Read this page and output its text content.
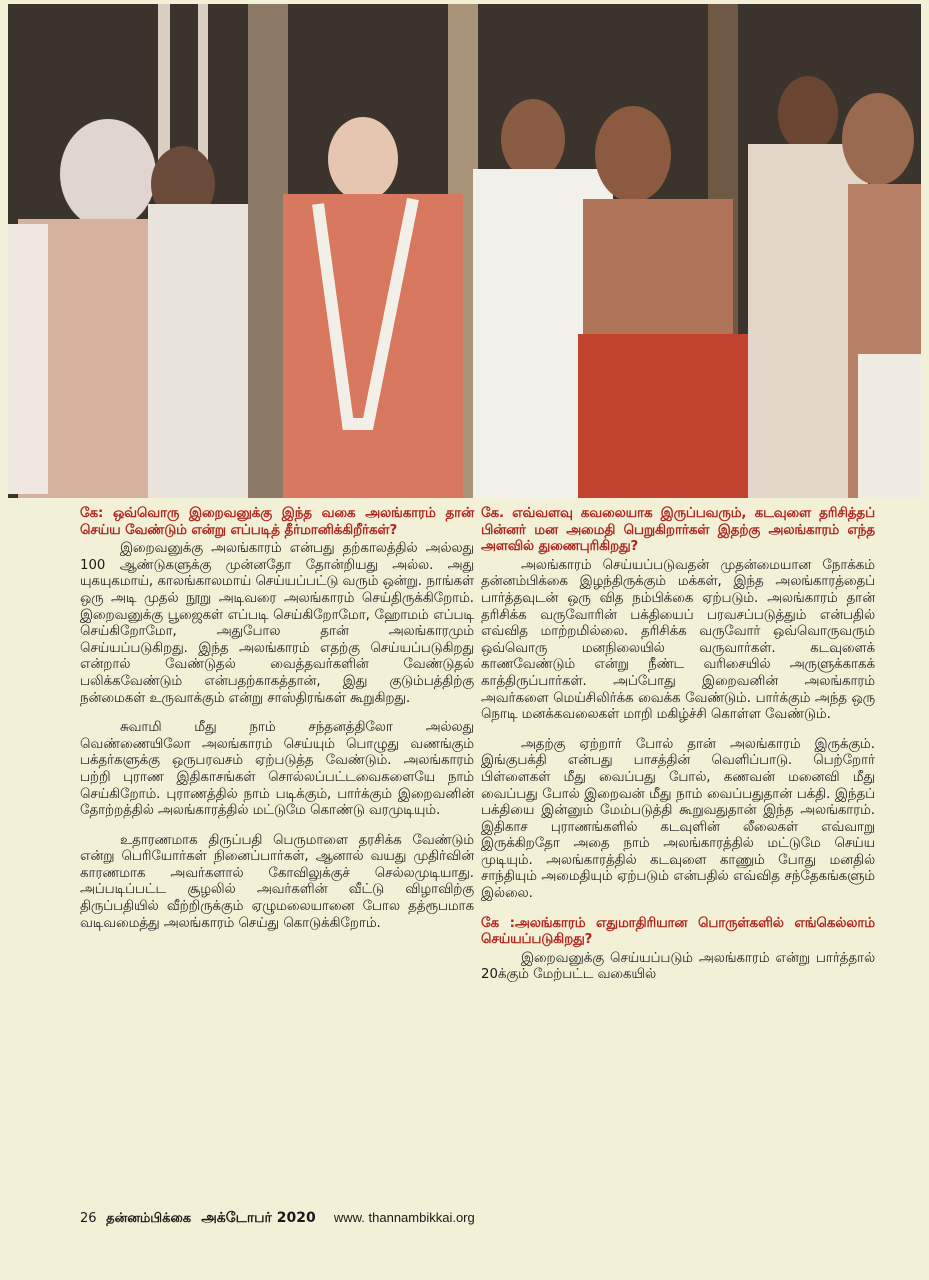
கே: ஒவ்வொரு இறைவனுக்கு இந்த வகை அலங்காரம் தான் செய்ய வேண்டும் என்று எப்படித் தீர்மானிக்கிறீர்கள்?
இறைவனுக்கு அலங்காரம் என்பது தற்காலத்தில் அல்லது 100 ஆண்டுகளுக்கு முன்னதோ தோன்றியது அல்ல. அது யுகயுகமாய், காலங்காலமாய் செய்யப்பட்டு வரும் ஒன்று. நாங்கள் ஒரு அடி முதல் நூறு அடிவரை அலங்காரம் செய்திருக்கிறோம். இறைவனுக்கு பூஜைகள் எப்படி செய்கிறோமோ, ஹோமம் எப்படி செய்கிறோமோ, அதுபோல தான் அலங்காரமும் செய்யப்படுகிறது. இந்த அலங்காரம் எதற்கு செய்யப்படுகிறது என்றால் வேண்டுதல் வைத்தவர்களின் வேண்டுதல் பலிக்கவேண்டும் என்பதற்காகத்தான், இது குடும்பத்திற்கு நன்மைகள் உருவாக்கும் என்று சாஸ்திரங்கள் கூறுகிறது.
சுவாமி மீது நாம் சந்தனத்திலோ அல்லது வெண்ணையிலோ அலங்காரம் செய்யும் பொழுது வணங்கும் பக்தர்களுக்கு ஒருபரவசம் ஏற்படுத்த வேண்டும். அலங்காரம் பற்றி புராண இதிகாசங்கள் சொல்லப்பட்டவைகளையே நாம் செய்கிறோம். புராணத்தில் நாம் படிக்கும், பார்க்கும் இறைவனின் தோற்றத்தில் அலங்காரத்தில் மட்டுமே கொண்டு வரமுடியும்.
உதாரணமாக திருப்பதி பெருமாளை தரசிக்க வேண்டும் என்று பெரியோர்கள் நினைப்பார்கள், ஆனால் வயது முதிர்வின் காரணமாக அவர்களால் கோவிலுக்குச் செல்லமுடியாது. அப்படிப்பட்ட சூழலில் அவர்களின் வீட்டு விழாவிற்கு திருப்பதியில் வீற்றிருக்கும் ஏழுமலையானை போல தத்ரூபமாக வடிவமைத்து அலங்காரம் செய்து கொடுக்கிறோம்.
கே. எவ்வளவு கவலையாக இருப்பவரும், கடவுளை தரிசித்தப் பின்னர் மன அமைதி பெறுகிறார்கள் இதற்கு அலங்காரம் எந்த அளவில் துணைபுரிகிறது?
அலங்காரம் செய்யப்படுவதன் முதன்மையான நோக்கம் தன்னம்பிக்கை இழந்திருக்கும் மக்கள், இந்த அலங்காரத்தைப் பார்த்தவுடன் ஒரு வித நம்பிக்கை ஏற்படும். அலங்காரம் தான் தரிசிக்க வருவோரின் பக்தியைப் பரவசப்படுத்தும் என்பதில் எவ்வித மாற்றமில்லை. தரிசிக்க வருவோர் ஒவ்வொருவரும் ஒவ்வொரு மனநிலையில் வருவார்கள். கடவுளைக் காணவேண்டும் என்று நீண்ட வரிசையில் அருளுக்காகக் காத்திருப்பார்கள். அப்போது இறைவனின் அலங்காரம் அவர்களை மெய்சிலிர்க்க வைக்க வேண்டும். பார்க்கும் அந்த ஒரு நொடி மனக்கவலைகள் மாறி மகிழ்ச்சி கொள்ள வேண்டும்.
அதற்கு ஏற்றார் போல் தான் அலங்காரம் இருக்கும். இங்குபக்தி என்பது பாசத்தின் வெளிப்பாடு. பெற்றோர் பிள்ளைகள் மீது வைப்பது போல், கணவன் மனைவி மீது வைப்பது போல் இறைவன் மீது நாம் வைப்பதுதான் பக்தி. இந்தப் பக்தியை இன்னும் மேம்படுத்தி கூறுவதுதான் இந்த அலங்காரம். இதிகாச புராணங்களில் கடவுளின் லீலைகள் எவ்வாறு இருக்கிறதோ அதை நாம் அலங்காரத்தில் மட்டுமே செய்ய முடியும். அலங்காரத்தில் கடவுளை காணும் போது மனதில் சாந்தியும் அமைதியும் ஏற்படும் என்பதில் எவ்வித சந்தேகங்களும் இல்லை.
கே :அலங்காரம் எதுமாதிரியான பொருள்களில் எங்கெல்லாம் செய்யப்படுகிறது?
இறைவனுக்கு செய்யப்படும் அலங்காரம் என்று பார்த்தால் 20க்கும் மேற்பட்ட வகையில்
26 தன்னம்பிக்கை அக்டோபர் 2020 www. thannambikkai.org
